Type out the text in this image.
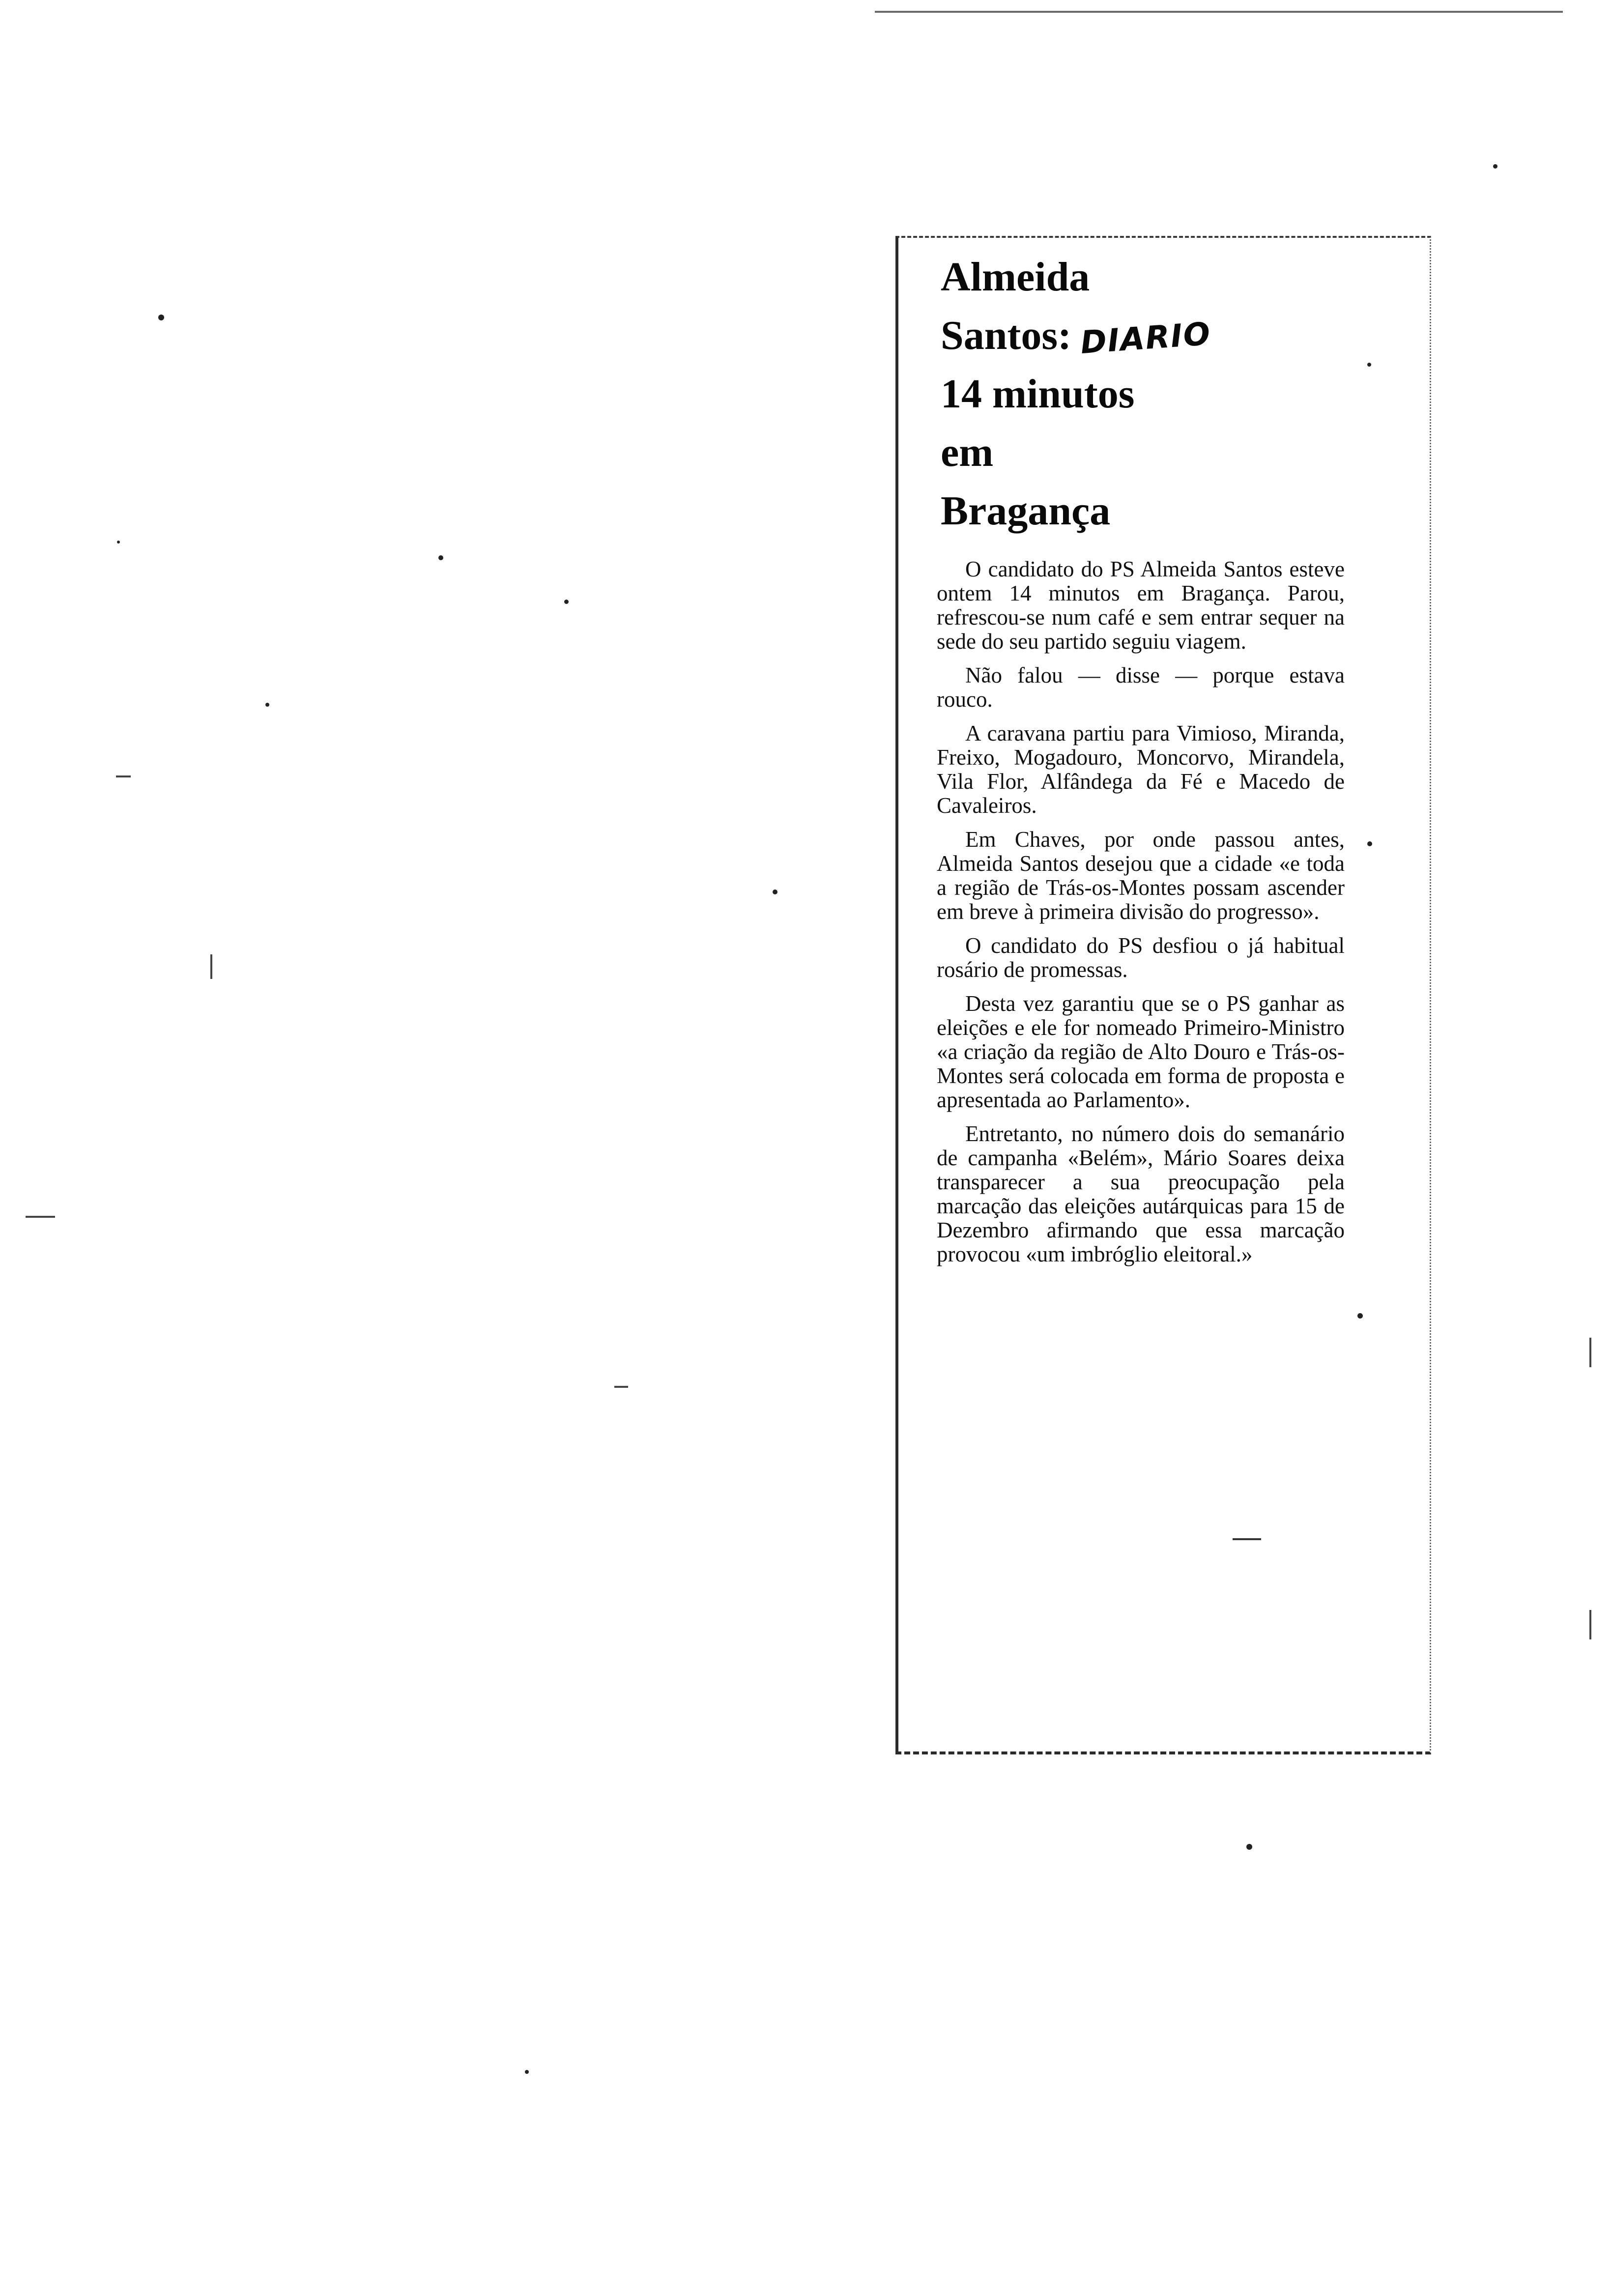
Almeida
Santos:
14 minutos
em
Bragança
DIARIO

O candidato do PS Almeida Santos esteve ontem 14 minutos em Bragança. Parou, refrescou-se num café e sem entrar sequer na sede do seu partido seguiu viagem.

Não falou — disse — porque estava rouco.

A caravana partiu para Vimioso, Miranda, Freixo, Mogadouro, Moncorvo, Mirandela, Vila Flor, Alfândega da Fé e Macedo de Cavaleiros.

Em Chaves, por onde passou antes, Almeida Santos desejou que a cidade «e toda a região de Trás-os-Montes possam ascender em breve à primeira divisão do progresso».

O candidato do PS desfiou o já habitual rosário de promessas.

Desta vez garantiu que se o PS ganhar as eleições e ele for nomeado Primeiro-Ministro «a criação da região de Alto Douro e Trás-os-Montes será colocada em forma de proposta e apresentada ao Parlamento».

Entretanto, no número dois do semanário de campanha «Belém», Mário Soares deixa transparecer a sua preocupação pela marcação das eleições autárquicas para 15 de Dezembro afirmando que essa marcação provocou «um imbróglio eleitoral.»
